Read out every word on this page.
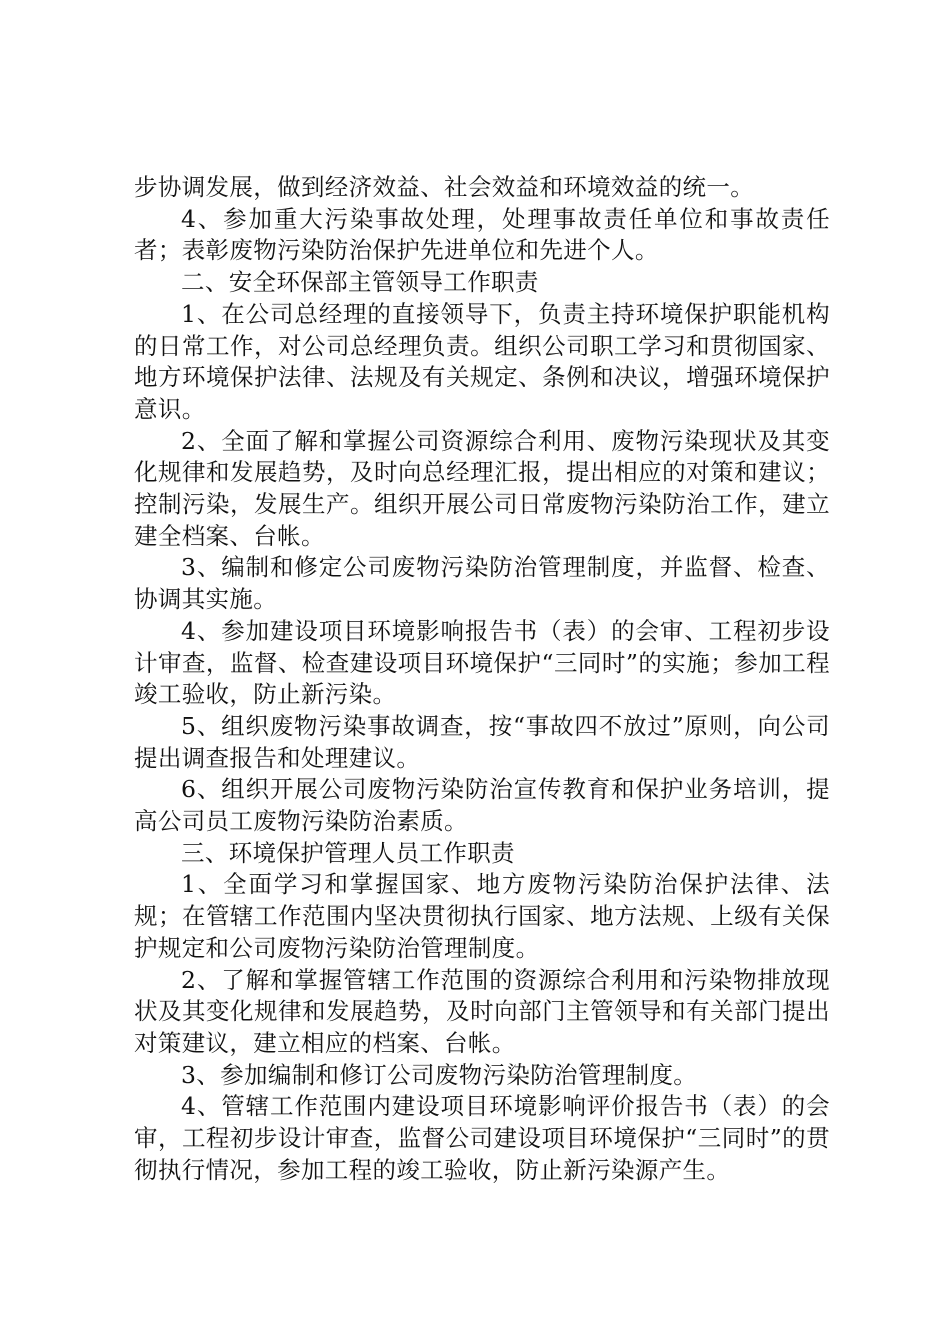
步协调发展，做到经济效益、社会效益和环境效益的统一。

4、参加重大污染事故处理，处理事故责任单位和事故责任者；表彰废物污染防治保护先进单位和先进个人。

二、安全环保部主管领导工作职责

1、在公司总经理的直接领导下，负责主持环境保护职能机构的日常工作，对公司总经理负责。组织公司职工学习和贯彻国家、地方环境保护法律、法规及有关规定、条例和决议，增强环境保护意识。

2、全面了解和掌握公司资源综合利用、废物污染现状及其变化规律和发展趋势，及时向总经理汇报，提出相应的对策和建议；控制污染，发展生产。组织开展公司日常废物污染防治工作，建立建全档案、台帐。

3、编制和修定公司废物污染防治管理制度，并监督、检查、协调其实施。

4、参加建设项目环境影响报告书（表）的会审、工程初步设计审查，监督、检查建设项目环境保护“三同时”的实施；参加工程竣工验收，防止新污染。

5、组织废物污染事故调查，按“事故四不放过”原则，向公司提出调查报告和处理建议。

6、组织开展公司废物污染防治宣传教育和保护业务培训，提高公司员工废物污染防治素质。

三、环境保护管理人员工作职责

1、全面学习和掌握国家、地方废物污染防治保护法律、法规；在管辖工作范围内坚决贯彻执行国家、地方法规、上级有关保护规定和公司废物污染防治管理制度。

2、了解和掌握管辖工作范围的资源综合利用和污染物排放现状及其变化规律和发展趋势，及时向部门主管领导和有关部门提出对策建议，建立相应的档案、台帐。

3、参加编制和修订公司废物污染防治管理制度。

4、管辖工作范围内建设项目环境影响评价报告书（表）的会审，工程初步设计审查，监督公司建设项目环境保护“三同时”的贯彻执行情况，参加工程的竣工验收，防止新污染源产生。
